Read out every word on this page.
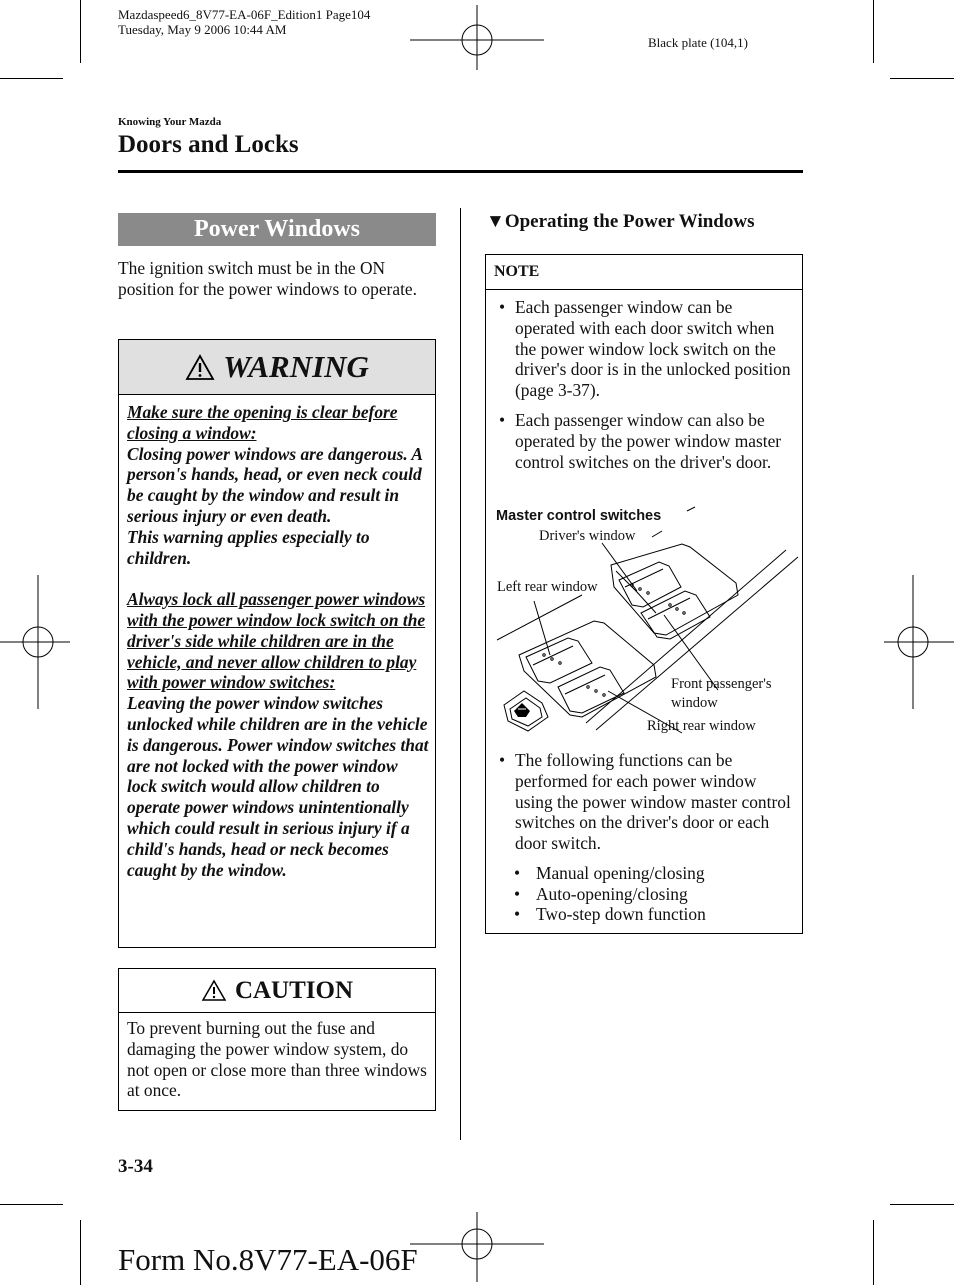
Mazdaspeed6_8V77-EA-06F_Edition1 Page104
Tuesday, May 9 2006 10:44 AM
Black plate (104,1)
Knowing Your Mazda
Doors and Locks
Power Windows
The ignition switch must be in the ON position for the power windows to operate.
WARNING

Make sure the opening is clear before closing a window:

Closing power windows are dangerous. A person's hands, head, or even neck could be caught by the window and result in serious injury or even death.

This warning applies especially to children.

Always lock all passenger power windows with the power window lock switch on the driver's side while children are in the vehicle, and never allow children to play with power window switches:

Leaving the power window switches unlocked while children are in the vehicle is dangerous. Power window switches that are not locked with the power window lock switch would allow children to operate power windows unintentionally which could result in serious injury if a child's hands, head or neck becomes caught by the window.

CAUTION
To prevent burning out the fuse and damaging the power window system, do not open or close more than three windows at once.
▼Operating the Power Windows
NOTE
• Each passenger window can be operated with each door switch when the power window lock switch on the driver's door is in the unlocked position (page 3-37).
• Each passenger window can also be operated by the power window master control switches on the driver's door.
Master control switches
Driver's window
Left rear window
Front passenger's
window
Right rear window
• The following functions can be performed for each power window using the power window master control switches on the driver's door or each door switch.
• Manual opening/closing
• Auto-opening/closing
• Two-step down function
3-34
Form No.8V77-EA-06F
